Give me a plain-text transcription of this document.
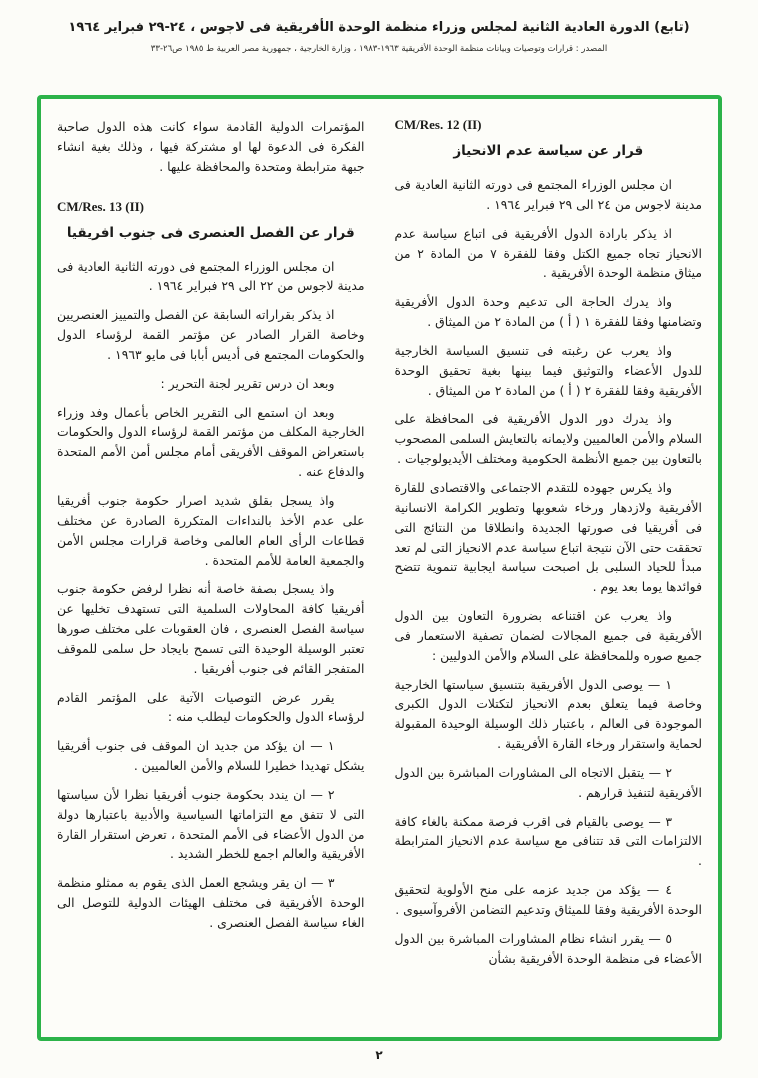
(تابع) الدورة العادية الثانية لمجلس وزراء منظمة الوحدة الأفريقية فى لاجوس ، ٢٤-٢٩ فبراير ١٩٦٤
المصدر : قرارات وتوصيات وبيانات منظمة الوحدة الأفريقية ١٩٦٣-١٩٨٣ ، وزارة الخارجية ، جمهورية مصر العربية ط ١٩٨٥ ص٢٦-٣٣
CM/Res. 12 (II)
قرار عن سياسة عدم الانحياز

ان مجلس الوزراء المجتمع فى دورته الثانية العادية فى مدينة لاجوس من ٢٤ الى ٢٩ فبراير ١٩٦٤ .

اذ يذكر بارادة الدول الأفريقية فى اتباع سياسة عدم الانحياز تجاه جميع الكتل وفقا للفقرة ٧ من المادة ٢ من ميثاق منظمة الوحدة الأفريقية .

واذ يدرك الحاجة الى تدعيم وحدة الدول الأفريقية وتضامنها وفقا للفقرة ١ ( أ ) من المادة ٢ من الميثاق .

واذ يعرب عن رغبته فى تنسيق السياسة الخارجية للدول الأعضاء والتوثيق فيما بينها بغية تحقيق الوحدة الأفريقية وفقا للفقرة ٢ ( أ ) من المادة ٢ من الميثاق .

واذ يدرك دور الدول الأفريقية فى المحافظة على السلام والأمن العالميين ولايمانه بالتعايش السلمى المصحوب بالتعاون بين جميع الأنظمة الحكومية ومختلف الأيديولوجيات .

واذ يكرس جهوده للتقدم الاجتماعى والاقتصادى للقارة الأفريقية ولازدهار ورخاء شعوبها وتطوير الكرامة الانسانية فى أفريقيا فى صورتها الجديدة وانطلاقا من النتائج التى تحققت حتى الآن نتيجة اتباع سياسة عدم الانحياز التى لم تعد مبدأ للحياد السلبى بل اصبحت سياسة ايجابية تنموية تتضح فوائدها يوما بعد يوم .

واذ يعرب عن اقتناعه بضرورة التعاون بين الدول الأفريقية فى جميع المجالات لضمان تصفية الاستعمار فى جميع صوره وللمحافظة على السلام والأمن الدوليين :

١ — يوصى الدول الأفريقية بتنسيق سياستها الخارجية وخاصة فيما يتعلق بعدم الانحياز لتكتلات الدول الكبرى الموجودة فى العالم ، باعتبار ذلك الوسيلة الوحيدة المقبولة لحماية واستقرار ورخاء القارة الأفريقية .

٢ — يتقبل الاتجاه الى المشاورات المباشرة بين الدول الأفريقية لتنفيذ قرارهم .

٣ — يوصى بالقيام فى اقرب فرصة ممكنة بالغاء كافة الالتزامات التى قد تتنافى مع سياسة عدم الانحياز المترابطة .

٤ — يؤكد من جديد عزمه على منح الأولوية لتحقيق الوحدة الأفريقية وفقا للميثاق وتدعيم التضامن الأفروآسيوى .

٥ — يقرر انشاء نظام المشاورات المباشرة بين الدول الأعضاء فى منظمة الوحدة الأفريقية بشأن

المؤتمرات الدولية القادمة سواء كانت هذه الدول صاحبة الفكرة فى الدعوة لها او مشتركة فيها ، وذلك بغية انشاء جبهة مترابطة ومتحدة والمحافظة عليها .

CM/Res. 13 (II)
قرار عن الفصل العنصرى فى جنوب افريقيا

ان مجلس الوزراء المجتمع فى دورته الثانية العادية فى مدينة لاجوس من ٢٢ الى ٢٩ فبراير ١٩٦٤ .

اذ يذكر بقراراته السابقة عن الفصل والتمييز العنصريين وخاصة القرار الصادر عن مؤتمر القمة لرؤساء الدول والحكومات المجتمع فى أديس أبابا فى مايو ١٩٦٣ .

وبعد ان درس تقرير لجنة التحرير :

وبعد ان استمع الى التقرير الخاص بأعمال وفد وزراء الخارجية المكلف من مؤتمر القمة لرؤساء الدول والحكومات باستعراض الموقف الأفريقى أمام مجلس أمن الأمم المتحدة والدفاع عنه .

واذ يسجل بقلق شديد اصرار حكومة جنوب أفريقيا على عدم الأخذ بالنداءات المتكررة الصادرة عن مختلف قطاعات الرأى العام العالمى وخاصة قرارات مجلس الأمن والجمعية العامة للأمم المتحدة .

واذ يسجل بصفة خاصة أنه نظرا لرفض حكومة جنوب أفريقيا كافة المحاولات السلمية التى تستهدف تخليها عن سياسة الفصل العنصرى ، فان العقوبات على مختلف صورها تعتبر الوسيلة الوحيدة التى تسمح بايجاد حل سلمى للموقف المتفجر القائم فى جنوب أفريقيا .

يقرر عرض التوصيات الآتية على المؤتمر القادم لرؤساء الدول والحكومات ليطلب منه :

١ — ان يؤكد من جديد ان الموقف فى جنوب أفريقيا يشكل تهديدا خطيرا للسلام والأمن العالميين .

٢ — ان يندد بحكومة جنوب أفريقيا نظرا لأن سياستها التى لا تتفق مع التزاماتها السياسية والأدبية باعتبارها دولة من الدول الأعضاء فى الأمم المتحدة ، تعرض استقرار القارة الأفريقية والعالم اجمع للخطر الشديد .

٣ — ان يقر ويشجع العمل الذى يقوم به ممثلو منظمة الوحدة الأفريقية فى مختلف الهيئات الدولية للتوصل الى الغاء سياسة الفصل العنصرى .

٢
